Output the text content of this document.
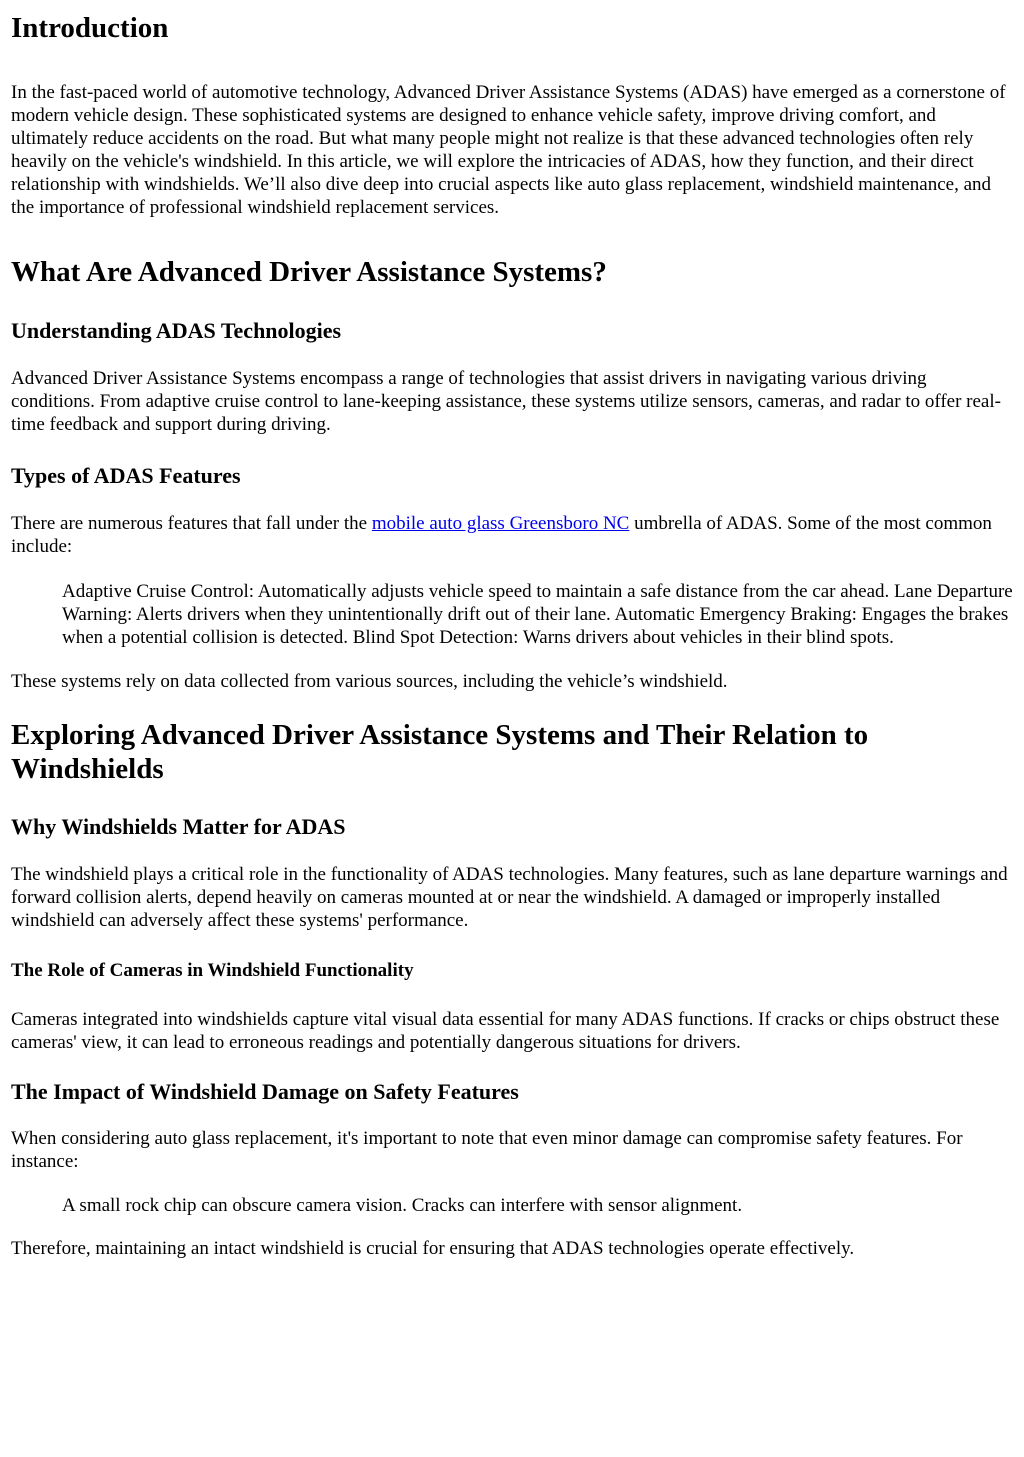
Introduction

In the fast-paced world of automotive technology, Advanced Driver Assistance Systems (ADAS) have emerged as a cornerstone of modern vehicle design. These sophisticated systems are designed to enhance vehicle safety, improve driving comfort, and ultimately reduce accidents on the road. But what many people might not realize is that these advanced technologies often rely heavily on the vehicle's windshield. In this article, we will explore the intricacies of ADAS, how they function, and their direct relationship with windshields. We’ll also dive deep into crucial aspects like auto glass replacement, windshield maintenance, and the importance of professional windshield replacement services.

What Are Advanced Driver Assistance Systems?
Understanding ADAS Technologies

Advanced Driver Assistance Systems encompass a range of technologies that assist drivers in navigating various driving conditions. From adaptive cruise control to lane-keeping assistance, these systems utilize sensors, cameras, and radar to offer real-time feedback and support during driving.

Types of ADAS Features

There are numerous features that fall under the mobile auto glass Greensboro NC umbrella of ADAS. Some of the most common include:

Adaptive Cruise Control: Automatically adjusts vehicle speed to maintain a safe distance from the car ahead. Lane Departure Warning: Alerts drivers when they unintentionally drift out of their lane. Automatic Emergency Braking: Engages the brakes when a potential collision is detected. Blind Spot Detection: Warns drivers about vehicles in their blind spots.

These systems rely on data collected from various sources, including the vehicle’s windshield.

Exploring Advanced Driver Assistance Systems and Their Relation to Windshields
Why Windshields Matter for ADAS

The windshield plays a critical role in the functionality of ADAS technologies. Many features, such as lane departure warnings and forward collision alerts, depend heavily on cameras mounted at or near the windshield. A damaged or improperly installed windshield can adversely affect these systems' performance.

The Role of Cameras in Windshield Functionality

Cameras integrated into windshields capture vital visual data essential for many ADAS functions. If cracks or chips obstruct these cameras' view, it can lead to erroneous readings and potentially dangerous situations for drivers.

The Impact of Windshield Damage on Safety Features

When considering auto glass replacement, it's important to note that even minor damage can compromise safety features. For instance:

A small rock chip can obscure camera vision. Cracks can interfere with sensor alignment.

Therefore, maintaining an intact windshield is crucial for ensuring that ADAS technologies operate effectively.
